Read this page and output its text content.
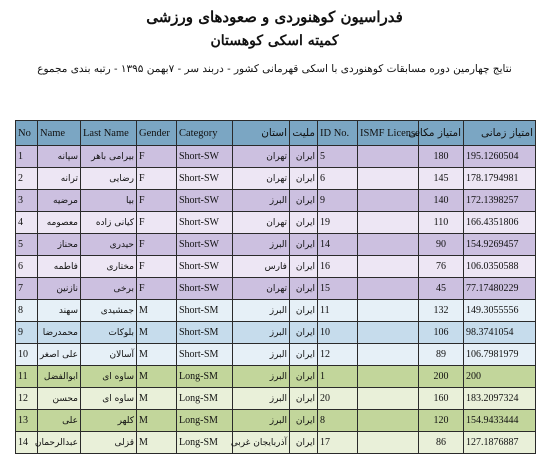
فدراسیون کوهنوردی و صعودهای ورزشی
کمیته اسکی کوهستان
نتایج چهارمین دوره مسابقات کوهنوردی با اسکی قهرمانی کشور - دربند سر - ۷بهمن ۱۳۹۵ - رتبه بندی مجموع
No	Name	Last Name	Gender	Category	استان	ملیت	ID No.	ISMF License	امتیاز مکانی	امتیاز زمانی
1	سپانه	بیرامی باهر	F	Short-SW	تهران	ایران	5		180	195.1260504
2	ترانه	رضایی	F	Short-SW	تهران	ایران	6		145	178.1794981
3	مرضیه	بیا	F	Short-SW	البرز	ایران	9		140	172.1398257
4	معصومه	کیانی زاده	F	Short-SW	تهران	ایران	19		110	166.4351806
5	محناز	حیدری	F	Short-SW	البرز	ایران	14		90	154.9269457
6	فاطمه	مختاری	F	Short-SW	فارس	ایران	16		76	106.0350588
7	نازنین	برخی	F	Short-SW	تهران	ایران	15		45	77.17480229
8	سهند	جمشیدی	M	Short-SM	البرز	ایران	11		132	149.3055556
9	محمدرضا	بلوکات	M	Short-SM	البرز	ایران	10		106	98.3741054
10	علی اصغر	آسالان	M	Short-SM	البرز	ایران	12		89	106.7981979
11	ابوالفضل	ساوه ای	M	Long-SM	البرز	ایران	1		200	200
12	محسن	ساوه ای	M	Long-SM	البرز	ایران	20		160	183.2097324
13	علی	کلهر	M	Long-SM	البرز	ایران	8		120	154.9433444
14	عبدالرحمان	قزلی	M	Long-SM	آذربایجان غربی	ایران	17		86	127.1876887
